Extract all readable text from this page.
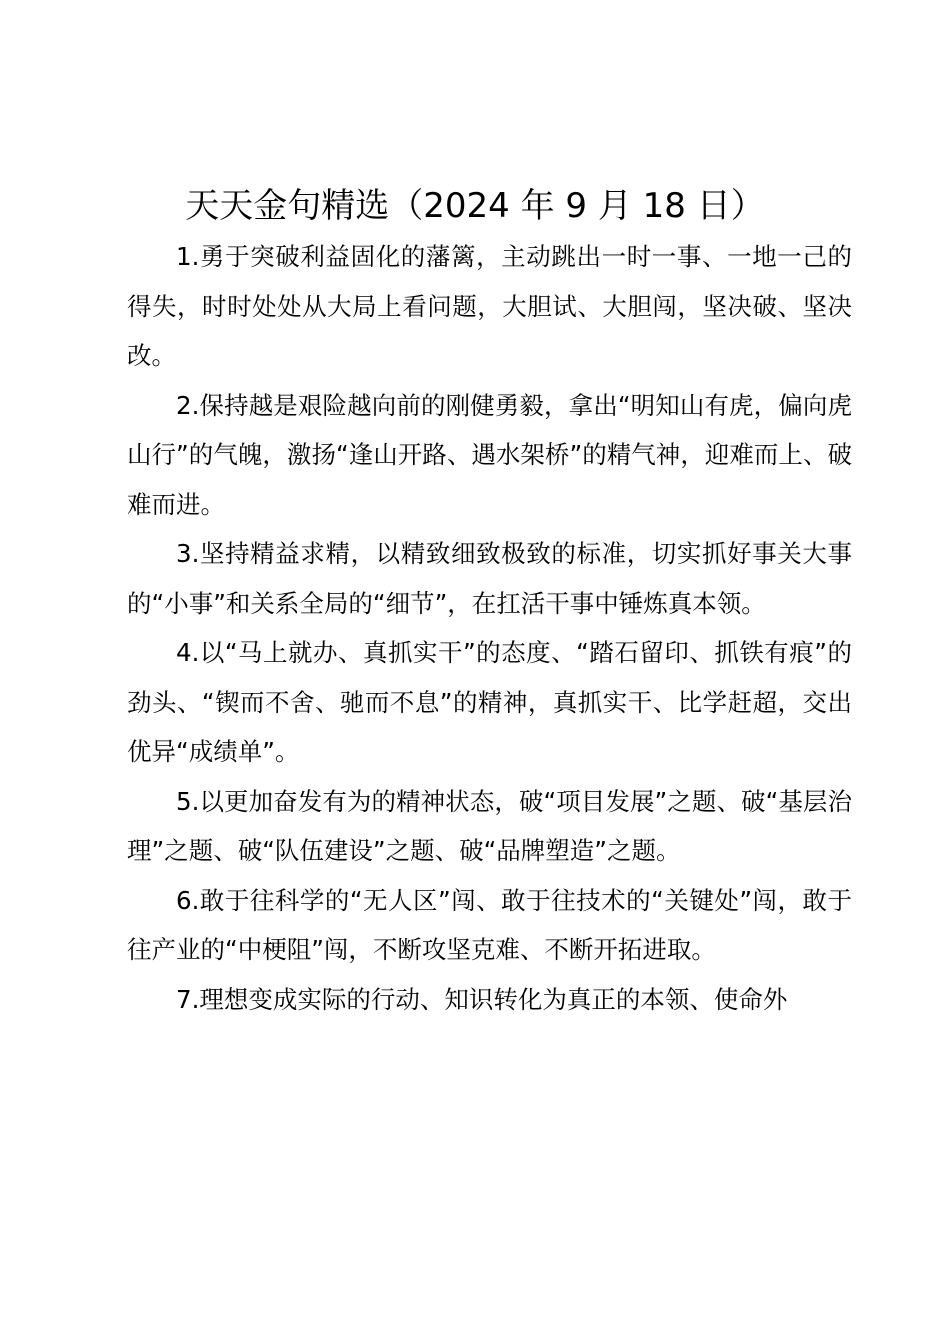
天天金句精选（2024 年 9 月 18 日）

1.勇于突破利益固化的藩篱，主动跳出一时一事、一地一己的得失，时时处处从大局上看问题，大胆试、大胆闯，坚决破、坚决改。

2.保持越是艰险越向前的刚健勇毅，拿出“明知山有虎，偏向虎山行”的气魄，激扬“逢山开路、遇水架桥”的精气神，迎难而上、破难而进。

3.坚持精益求精，以精致细致极致的标准，切实抓好事关大事的“小事”和关系全局的“细节”，在扛活干事中锤炼真本领。

4.以“马上就办、真抓实干”的态度、“踏石留印、抓铁有痕”的劲头、“锲而不舍、驰而不息”的精神，真抓实干、比学赶超，交出优异“成绩单”。

5.以更加奋发有为的精神状态，破“项目发展”之题、破“基层治理”之题、破“队伍建设”之题、破“品牌塑造”之题。

6.敢于往科学的“无人区”闯、敢于往技术的“关键处”闯，敢于往产业的“中梗阻”闯，不断攻坚克难、不断开拓进取。

7.理想变成实际的行动、知识转化为真正的本领、使命外
